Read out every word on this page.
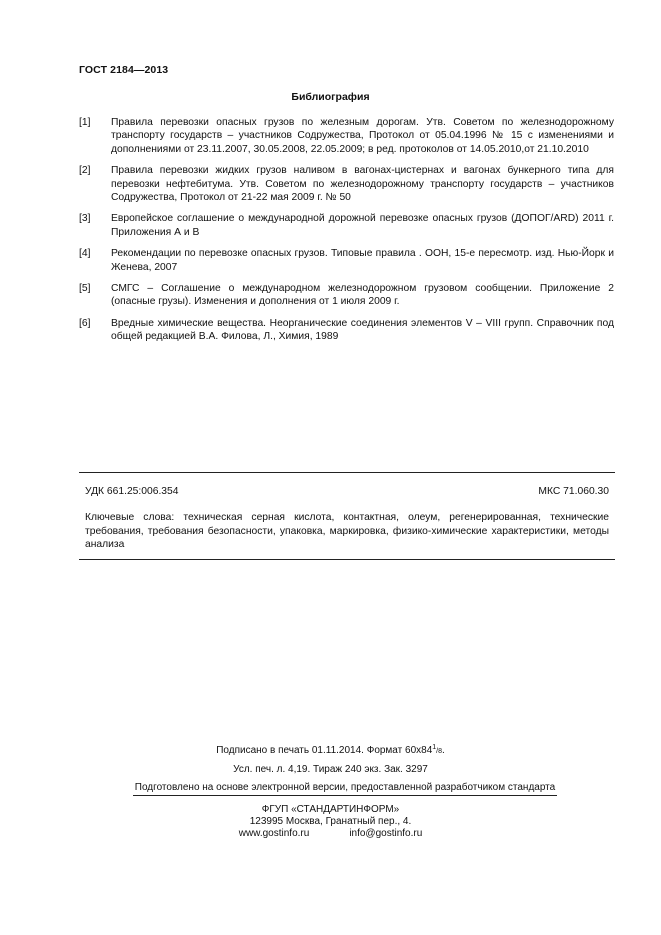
ГОСТ 2184—2013
Библиография
[1]	Правила перевозки опасных грузов по железным дорогам. Утв. Советом по железнодорожному транспорту государств – участников Содружества, Протокол от 05.04.1996 № 15 с изменениями и дополнениями от 23.11.2007, 30.05.2008, 22.05.2009; в ред. протоколов от 14.05.2010,от 21.10.2010
[2]	Правила перевозки жидких грузов наливом в вагонах-цистернах и вагонах бункерного типа для перевозки нефтебитума. Утв. Советом по железнодорожному транспорту государств – участников Содружества, Протокол от 21-22 мая 2009 г. № 50
[3]	Европейское соглашение о международной дорожной перевозке опасных грузов (ДОПОГ/ARD) 2011 г. Приложения А и В
[4]	Рекомендации по перевозке опасных грузов. Типовые правила . ООН, 15-е пересмотр. изд. Нью-Йорк и Женева, 2007
[5]	СМГС – Соглашение о международном железнодорожном грузовом сообщении. Приложение 2 (опасные грузы). Изменения и дополнения от 1 июля 2009 г.
[6]	Вредные химические вещества. Неорганические соединения элементов V – VIII групп. Справочник под общей редакцией В.А. Филова, Л., Химия, 1989
УДК 661.25:006.354	МКС 71.060.30
Ключевые слова: техническая серная кислота, контактная, олеум, регенерированная, технические требования, требования безопасности, упаковка, маркировка, физико-химические характеристики, методы анализа
Подписано в печать 01.11.2014. Формат $60х84^1/8$.
Усл. печ. л. 4,19. Тираж 240 экз. Зак. 3297
Подготовлено на основе электронной версии, предоставленной разработчиком стандарта
ФГУП «СТАНДАРТИНФОРМ»
123995 Москва, Гранатный пер., 4.
www.gostinfo.ru	info@gostinfo.ru
